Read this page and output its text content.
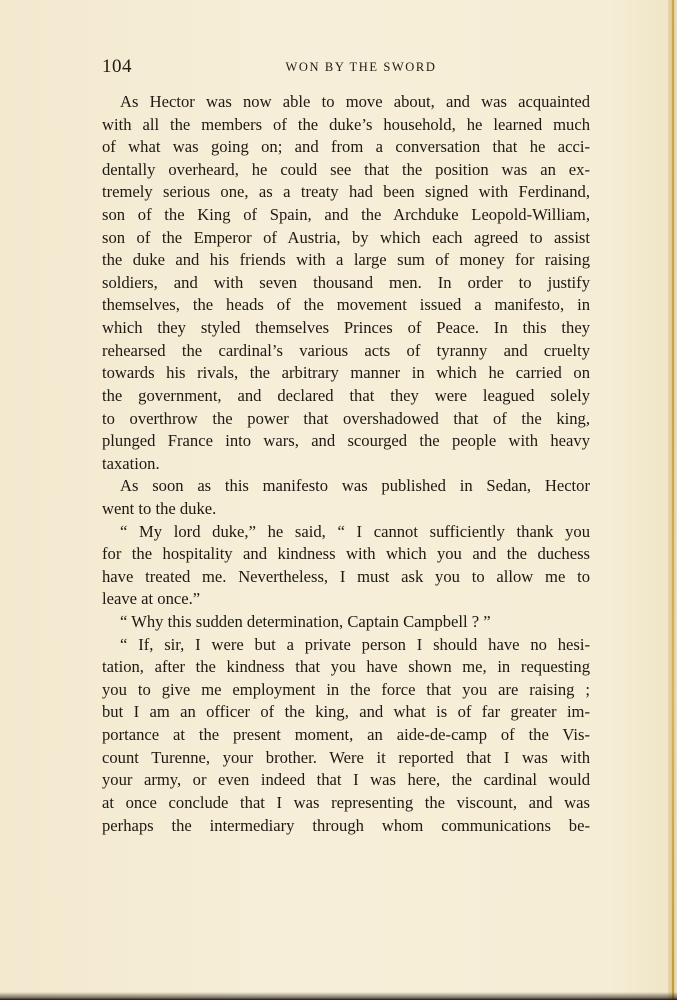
104	WON BY THE SWORD
As Hector was now able to move about, and was acquainted
with all the members of the duke’s household, he learned much
of what was going on; and from a conversation that he acci-
dentally overheard, he could see that the position was an ex-
tremely serious one, as a treaty had been signed with Ferdinand,
son of the King of Spain, and the Archduke Leopold-William,
son of the Emperor of Austria, by which each agreed to assist
the duke and his friends with a large sum of money for raising
soldiers, and with seven thousand men. In order to justify
themselves, the heads of the movement issued a manifesto, in
which they styled themselves Princes of Peace. In this they
rehearsed the cardinal’s various acts of tyranny and cruelty
towards his rivals, the arbitrary manner in which he carried on
the government, and declared that they were leagued solely
to overthrow the power that overshadowed that of the king,
plunged France into wars, and scourged the people with heavy
taxation.
As soon as this manifesto was published in Sedan, Hector
went to the duke.
“ My lord duke,” he said, “ I cannot sufficiently thank you
for the hospitality and kindness with which you and the duchess
have treated me. Nevertheless, I must ask you to allow me to
leave at once.”
“ Why this sudden determination, Captain Campbell ? ”
“ If, sir, I were but a private person I should have no hesi-
tation, after the kindness that you have shown me, in requesting
you to give me employment in the force that you are raising ;
but I am an officer of the king, and what is of far greater im-
portance at the present moment, an aide-de-camp of the Vis-
count Turenne, your brother. Were it reported that I was with
your army, or even indeed that I was here, the cardinal would
at once conclude that I was representing the viscount, and was
perhaps the intermediary through whom communications be-
